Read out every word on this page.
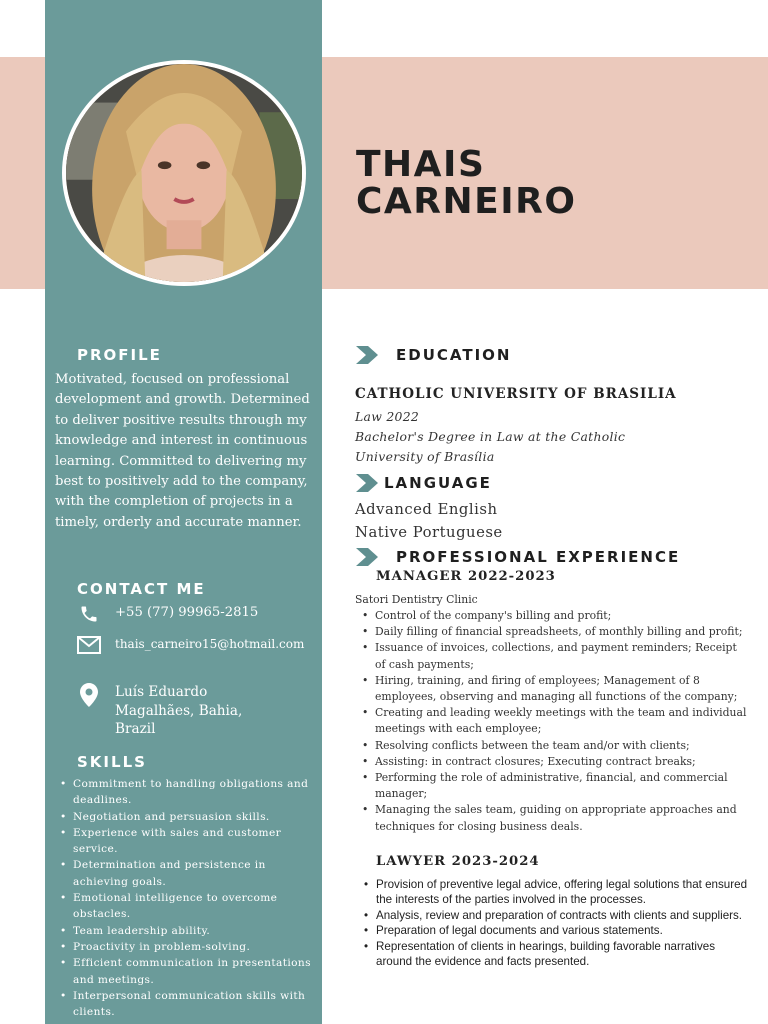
THAIS
CARNEIRO
PROFILE
Motivated, focused on professional development and growth. Determined to deliver positive results through my knowledge and interest in continuous learning. Committed to delivering my best to positively add to the company, with the completion of projects in a timely, orderly and accurate manner.
CONTACT ME
+55 (77) 99965-2815
thais_carneiro15@hotmail.com
Luís Eduardo Magalhães, Bahia, Brazil
SKILLS
• Commitment to handling obligations and deadlines.
• Negotiation and persuasion skills.
• Experience with sales and customer service.
• Determination and persistence in achieving goals.
• Emotional intelligence to overcome obstacles.
• Team leadership ability.
• Proactivity in problem-solving.
• Efficient communication in presentations and meetings.
• Interpersonal communication skills with clients.
EDUCATION
CATHOLIC UNIVERSITY OF BRASILIA
Law 2022
Bachelor's Degree in Law at the Catholic
University of Brasília
LANGUAGE
Advanced English
Native Portuguese
PROFESSIONAL EXPERIENCE
MANAGER 2022-2023
Satori Dentistry Clinic
• Control of the company's billing and profit;
• Daily filling of financial spreadsheets, of monthly billing and profit;
• Issuance of invoices, collections, and payment reminders; Receipt of cash payments;
• Hiring, training, and firing of employees; Management of 8 employees, observing and managing all functions of the company;
• Creating and leading weekly meetings with the team and individual meetings with each employee;
• Resolving conflicts between the team and/or with clients;
• Assisting: in contract closures; Executing contract breaks;
• Performing the role of administrative, financial, and commercial manager;
• Managing the sales team, guiding on appropriate approaches and techniques for closing business deals.
LAWYER 2023-2024
• Provision of preventive legal advice, offering legal solutions that ensured the interests of the parties involved in the processes.
• Analysis, review and preparation of contracts with clients and suppliers.
• Preparation of legal documents and various statements.
• Representation of clients in hearings, building favorable narratives around the evidence and facts presented.
